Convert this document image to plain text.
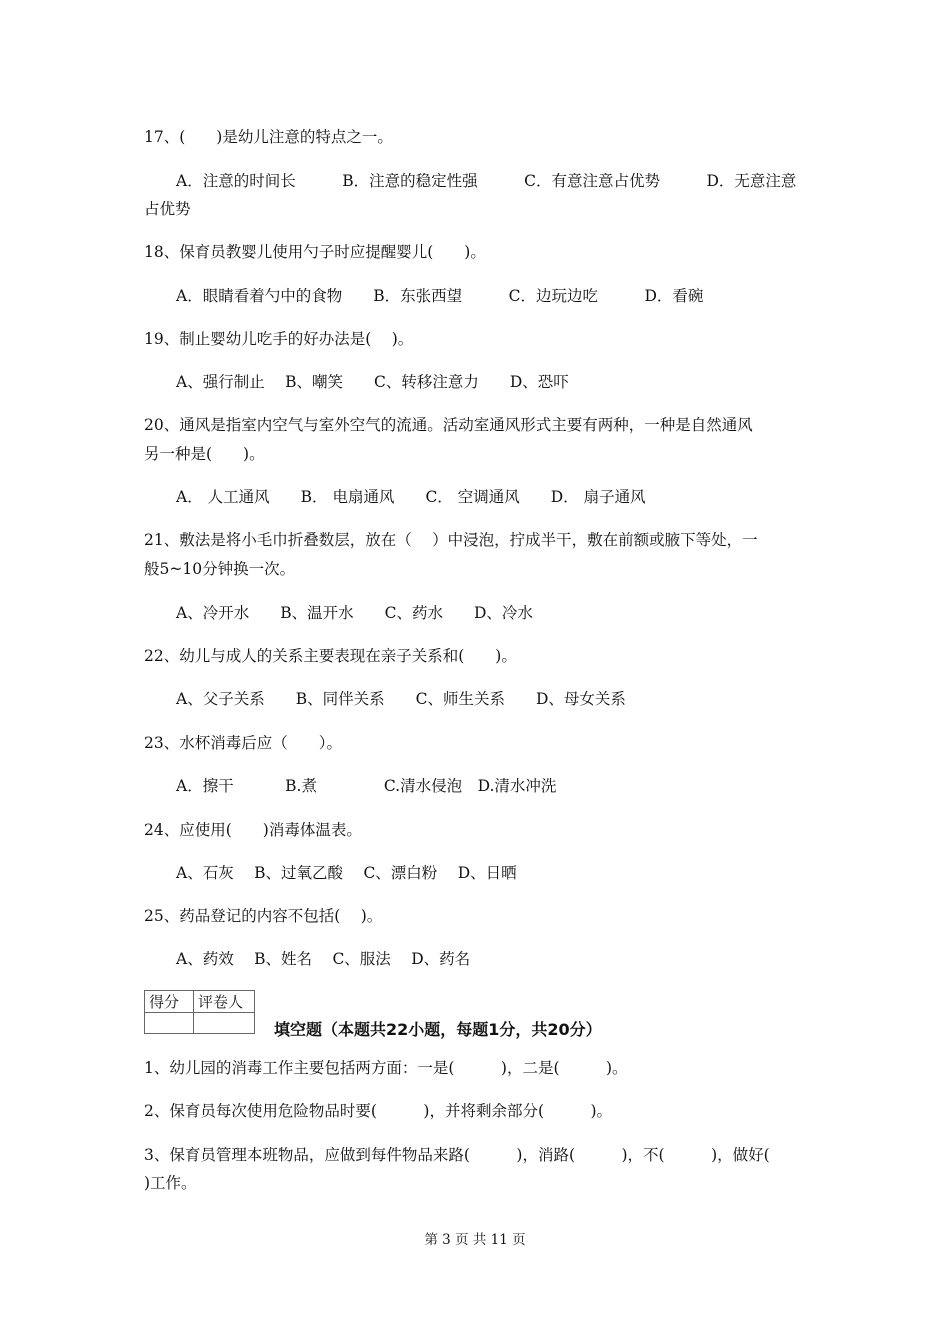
17、(　　)是幼儿注意的特点之一。
A．注意的时间长　　　B．注意的稳定性强　　　C．有意注意占优势　　　D．无意注意
占优势
18、保育员教婴儿使用勺子时应提醒婴儿(　　)。
A．眼睛看着勺中的食物　　B．东张西望　　　C．边玩边吃　　　D．看碗
19、制止婴幼儿吃手的好办法是(　 )。
A、强行制止　 B、嘲笑　　C、转移注意力　　D、恐吓
20、通风是指室内空气与室外空气的流通。活动室通风形式主要有两种，一种是自然通风
另一种是(　　)。
A． 人工通风　　B． 电扇通风　　C． 空调通风　　D． 扇子通风
21、敷法是将小毛巾折叠数层，放在（　 ）中浸泡，拧成半干，敷在前额或腋下等处，一
般5~10分钟换一次。
A、冷开水　　B、温开水　　C、药水　　D、冷水
22、幼儿与成人的关系主要表现在亲子关系和(　　)。
A、父子关系　　B、同伴关系　　C、师生关系　　D、母女关系
23、水杯消毒后应（　　）。
A．擦干　　　 B.煮　　　　 C.清水侵泡　D.清水冲洗
24、应使用(　　)消毒体温表。
A、石灰　 B、过氧乙酸　 C、漂白粉　 D、日晒
25、药品登记的内容不包括(　 )。
A、药效　 B、姓名　 C、服法　 D、药名
得分	评卷人

填空题（本题共22小题，每题1分，共20分）
1、幼儿园的消毒工作主要包括两方面：一是(　　　)，二是(　　　)。
2、保育员每次使用危险物品时要(　　　)，并将剩余部分(　　　)。
3、保育员管理本班物品，应做到每件物品来路(　　　)，消路(　　　)，不(　　　)，做好(
)工作。
第 3 页 共 11 页
